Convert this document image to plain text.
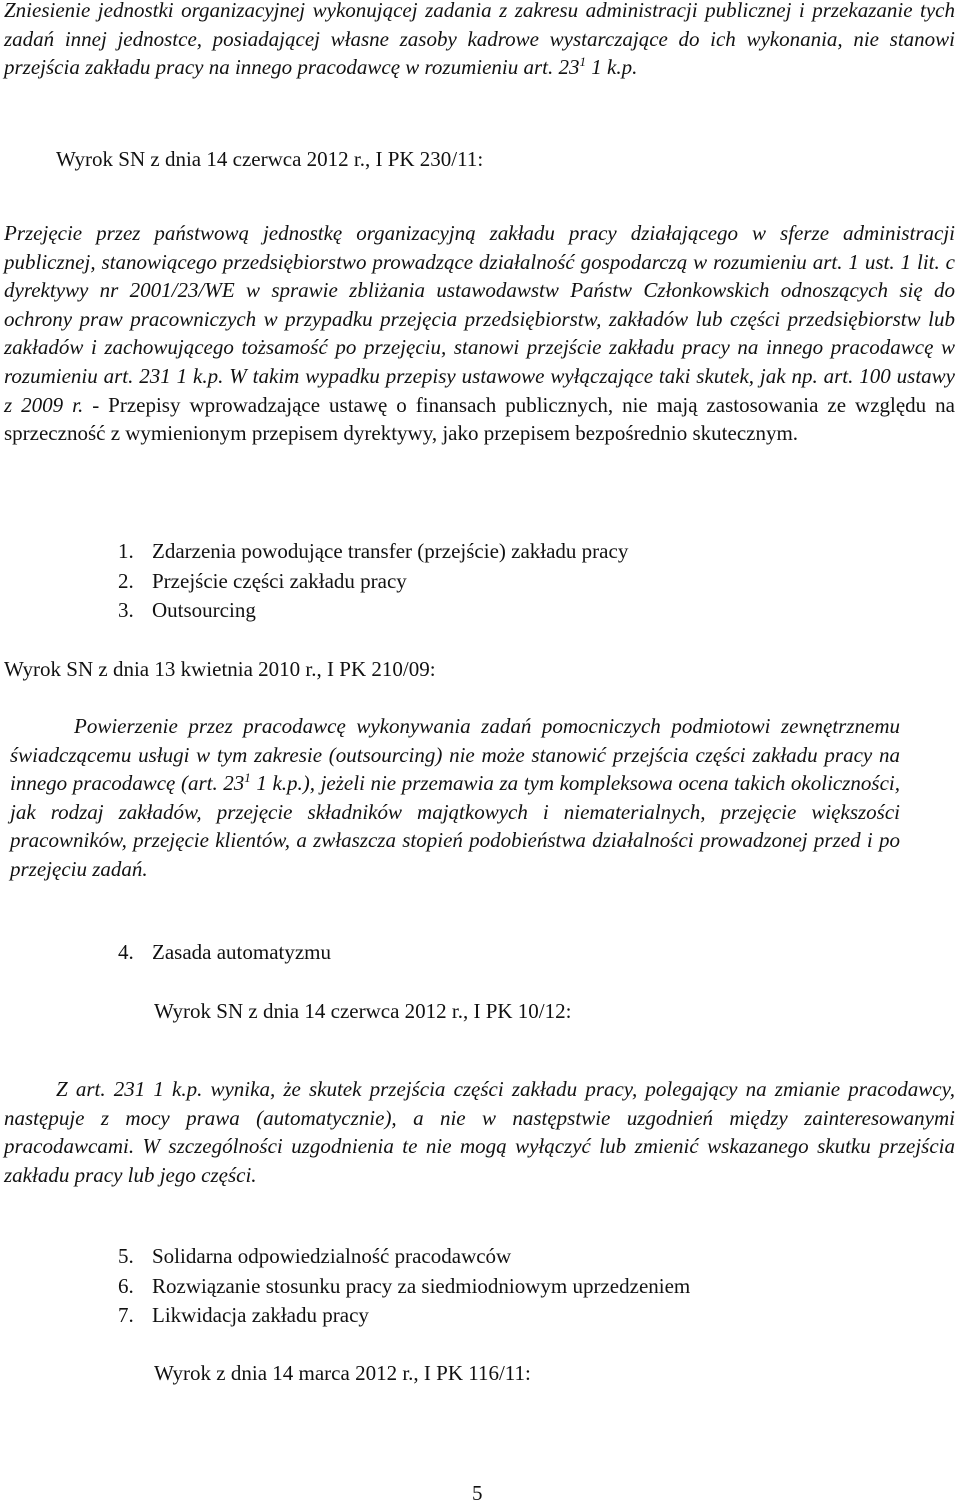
Zniesienie jednostki organizacyjnej wykonującej zadania z zakresu administracji publicznej i przekazanie tych zadań innej jednostce, posiadającej własne zasoby kadrowe wystarczające do ich wykonania, nie stanowi przejścia zakładu pracy na innego pracodawcę w rozumieniu art. $23^1$ 1 k.p.

Wyrok SN z dnia 14 czerwca 2012 r., I PK 230/11:

Przejęcie przez państwową jednostkę organizacyjną zakładu pracy działającego w sferze administracji publicznej, stanowiącego przedsiębiorstwo prowadzące działalność gospodarczą w rozumieniu art. 1 ust. 1 lit. c dyrektywy nr 2001/23/WE w sprawie zbliżania ustawodawstw Państw Członkowskich odnoszących się do ochrony praw pracowniczych w przypadku przejęcia przedsiębiorstw, zakładów lub części przedsiębiorstw lub zakładów i zachowującego tożsamość po przejęciu, stanowi przejście zakładu pracy na innego pracodawcę w rozumieniu art. 231 1 k.p. W takim wypadku przepisy ustawowe wyłączające taki skutek, jak np. art. 100 ustawy z 2009 r. - Przepisy wprowadzające ustawę o finansach publicznych, nie mają zastosowania ze względu na sprzeczność z wymienionym przepisem dyrektywy, jako przepisem bezpośrednio skutecznym.

1. Zdarzenia powodujące transfer (przejście) zakładu pracy
2. Przejście części zakładu pracy
3. Outsourcing

Wyrok SN z dnia 13 kwietnia 2010 r., I PK 210/09:

Powierzenie przez pracodawcę wykonywania zadań pomocniczych podmiotowi zewnętrznemu świadczącemu usługi w tym zakresie (outsourcing) nie może stanowić przejścia części zakładu pracy na innego pracodawcę (art. $23^1$ 1 k.p.), jeżeli nie przemawia za tym kompleksowa ocena takich okoliczności, jak rodzaj zakładów, przejęcie składników majątkowych i niematerialnych, przejęcie większości pracowników, przejęcie klientów, a zwłaszcza stopień podobieństwa działalności prowadzonej przed i po przejęciu zadań.

4. Zasada automatyzmu

Wyrok SN z dnia 14 czerwca 2012 r., I PK 10/12:

Z art. 231 1 k.p. wynika, że skutek przejścia części zakładu pracy, polegający na zmianie pracodawcy, następuje z mocy prawa (automatycznie), a nie w następstwie uzgodnień między zainteresowanymi pracodawcami. W szczególności uzgodnienia te nie mogą wyłączyć lub zmienić wskazanego skutku przejścia zakładu pracy lub jego części.

5. Solidarna odpowiedzialność pracodawców
6. Rozwiązanie stosunku pracy za siedmiodniowym uprzedzeniem
7. Likwidacja zakładu pracy

Wyrok z dnia 14 marca 2012 r., I PK 116/11:

5
